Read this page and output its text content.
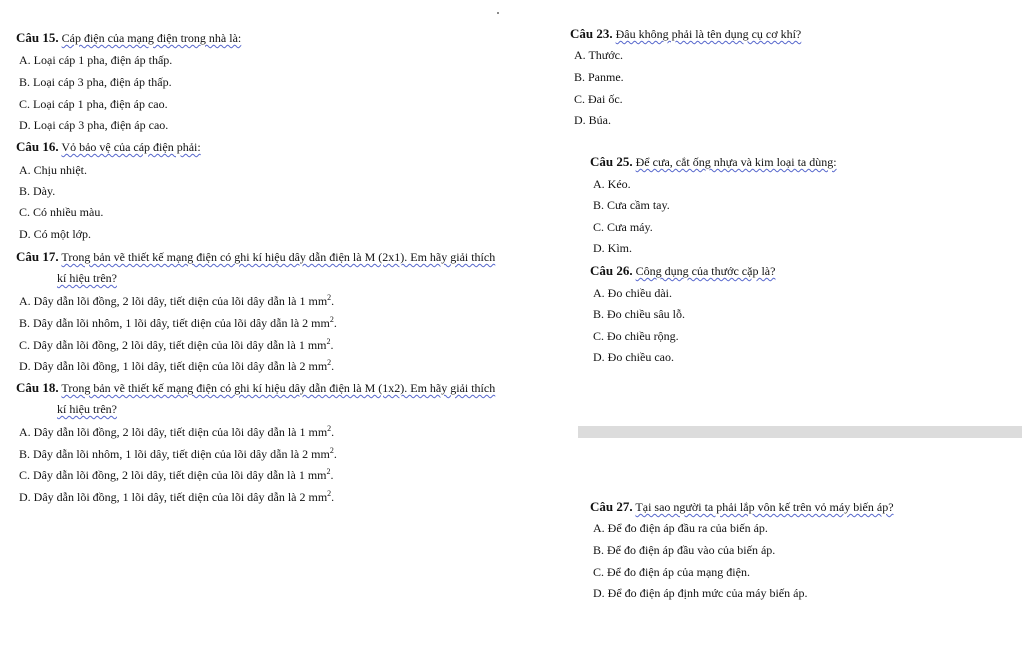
Câu 15. Cáp điện của mạng điện trong nhà là:
A. Loại cáp 1 pha, điện áp thấp.
B. Loại cáp 3 pha, điện áp thấp.
C. Loại cáp 1 pha, điện áp cao.
D. Loại cáp 3 pha, điện áp cao.
Câu 16. Vỏ bảo vệ của cáp điện phải:
A. Chịu nhiệt.
B. Dày.
C. Có nhiều màu.
D. Có một lớp.
Câu 17. Trong bản vẽ thiết kế mạng điện có ghi kí hiệu dây dẫn điện là M (2x1). Em hãy giải thích
kí hiệu trên?
A. Dây dẫn lõi đồng, 2 lõi dây, tiết diện của lõi dây dẫn là 1 $mm^2$.
B. Dây dẫn lõi nhôm, 1 lõi dây, tiết diện của lõi dây dẫn là 2 $mm^2$.
C. Dây dẫn lõi đồng, 2 lõi dây, tiết diện của lõi dây dẫn là 1 $mm^2$.
D. Dây dẫn lõi đồng, 1 lõi dây, tiết diện của lõi dây dẫn là 2 $mm^2$.
Câu 18. Trong bản vẽ thiết kế mạng điện có ghi kí hiệu dây dẫn điện là M (1x2). Em hãy giải thích
kí hiệu trên?
A. Dây dẫn lõi đồng, 2 lõi dây, tiết diện của lõi dây dẫn là 1 $mm^2$.
B. Dây dẫn lõi nhôm, 1 lõi dây, tiết diện của lõi dây dẫn là 2 $mm^2$.
C. Dây dẫn lõi đồng, 2 lõi dây, tiết diện của lõi dây dẫn là 1 $mm^2$.
D. Dây dẫn lõi đồng, 1 lõi dây, tiết diện của lõi dây dẫn là 2 $mm^2$.
Câu 23. Đâu không phải là tên dụng cụ cơ khí?
A. Thước.
B. Panme.
C. Đai ốc.
D. Búa.
Câu 25. Để cưa, cắt ống nhựa và kim loại ta dùng:
A. Kéo.
B. Cưa cầm tay.
C. Cưa máy.
D. Kìm.
Câu 26. Công dụng của thước cặp là?
A. Đo chiều dài.
B. Đo chiều sâu lỗ.
C. Đo chiều rộng.
D. Đo chiều cao.
Câu 27. Tại sao người ta phải lắp vôn kế trên vỏ máy biến áp?
A. Để đo điện áp đầu ra của biến áp.
B. Để đo điện áp đầu vào của biến áp.
C. Để đo điện áp của mạng điện.
D. Để đo điện áp định mức của máy biến áp.
